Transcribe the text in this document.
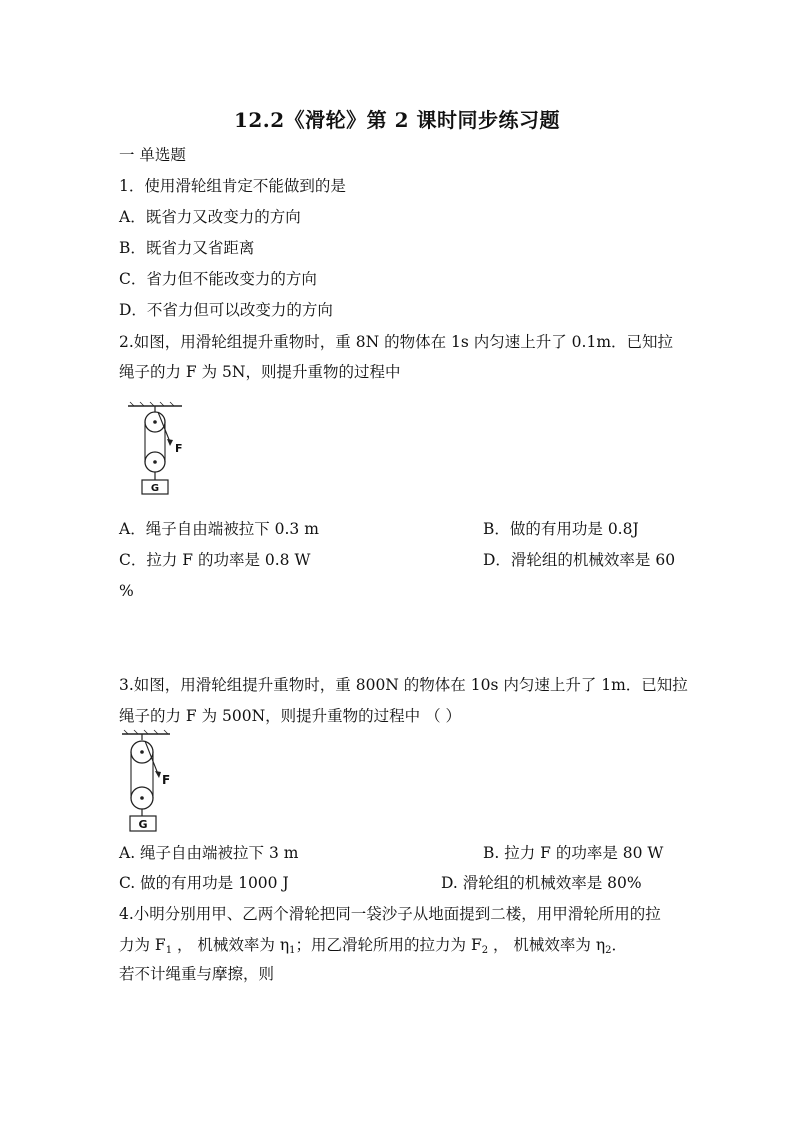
12.2《滑轮》第 2 课时同步练习题
一 单选题
1．使用滑轮组肯定不能做到的是
A．既省力又改变力的方向
B．既省力又省距离
C．省力但不能改变力的方向
D．不省力但可以改变力的方向
2.如图，用滑轮组提升重物时，重 8N 的物体在 1s 内匀速上升了 0.1m．已知拉
绳子的力 F 为 5N，则提升重物的过程中
G
F
A．绳子自由端被拉下 0.3 m	B．做的有用功是 0.8J
C．拉力 F 的功率是 0.8 W	D．滑轮组的机械效率是 60
%
3.如图，用滑轮组提升重物时，重 800N 的物体在 10s 内匀速上升了 1m．已知拉
绳子的力 F 为 500N，则提升重物的过程中 （ ）
G
F
A. 绳子自由端被拉下 3 m	B. 拉力 F 的功率是 80 W
C. 做的有用功是 1000 J	D. 滑轮组的机械效率是 80%
4.小明分别用甲、乙两个滑轮把同一袋沙子从地面提到二楼，用甲滑轮所用的拉
力为 $F_1$ ， 机械效率为 $\eta_1$；用乙滑轮所用的拉力为 $F_2$ ， 机械效率为 $\eta_2$．
若不计绳重与摩擦，则
